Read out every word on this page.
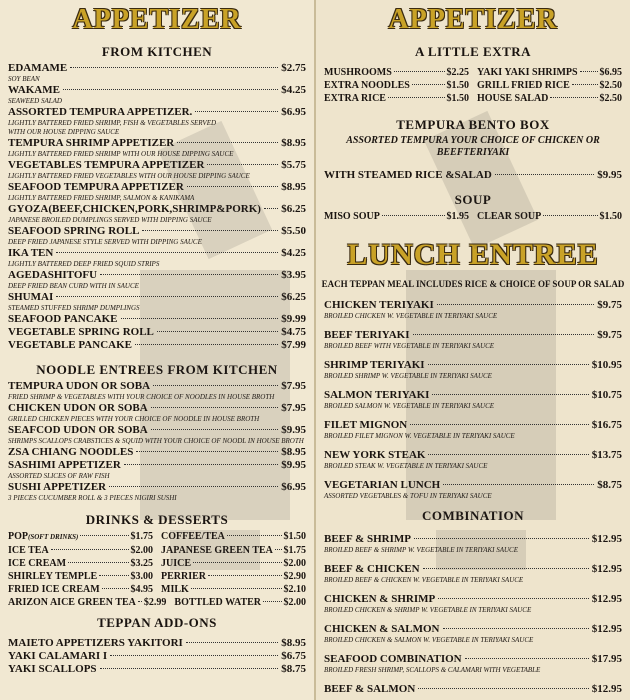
APPETIZER
FROM KITCHEN
EDAMAME	$2.75
SOY BEAN
WAKAME	$4.25
SEAWEED SALAD
ASSORTED TEMPURA APPETIZER.	$6.95
LIGHTLY BATTERED FRIED SHRIMP, FISH & VEGETABLES SERVED
WITH OUR HOUSE DIPPING SAUCE
TEMPURA SHRIMP APPETIZER	$8.95
LIGHTLY BATTERED FRIED SHRIMP WITH OUR HOUSE DIPPING SAUCE
VEGETABLES TEMPURA APPETIZER	$5.75
LIGHTLY BATTERED FRIED VEGETABLES WITH OUR HOUSE DIPPING SAUCE
SEAFOOD TEMPURA APPETIZER	$8.95
LIGHTLY BATTERED FRIED SHRIMP, SALMON & KANIKAMA
GYOZA(BEEF,CHICKEN,PORK,SHRIMP&PORK) $6.25
JAPANESE BROILED DUMPLINGS SERVED WITH DIPPING SAUCE
SEAFOOD SPRING ROLL	$5.50
DEEP FRIED JAPANESE STYLE SERVED WITH DIPPING SAUCE
IKA TEN	$4.25
LIGHTLY BATTERED DEEP FRIED SQUID STRIPS
AGEDASHITOFU	$3.95
DEEP FRIED BEAN CURD WITH IN SAUCE
SHUMAI	$6.25
STEAMED STUFFED SHRIMP DUMPLINGS
SEAFOOD PANCAKE	$9.99
VEGETABLE SPRING ROLL	$4.75
VEGETABLE PANCAKE	$7.99
NOODLE ENTREES FROM KITCHEN
TEMPURA UDON OR SOBA	$7.95
FRIED SHRIMP & VEGETABLES WITH YOUR CHOICE OF NOODLES IN HOUSE BROTH
CHICKEN UDON OR SOBA	$7.95
GRILLED CHICKEN PIECES WITH YOUR CHOICE OF NOODLE IN HOUSE BROTH
SEAFCOD UDON OR SOBA	$9.95
SHRIMPS SCALLOPS CRABSTICES & SQUID WITH YOUR CHOICE OF NOODL IN HOUSE BROTH
ZSA CHIANG NOODLES	$8.95
SASHIMI APPETIZER	$9.95
ASSORTED SLICES OF RAW FISH
SUSHI APPETIZER	$6.95
3 PIECES CUCUMBER ROLL & 3 PIECES NIGIRI SUSHI
DRINKS & DESSERTS
POP (SOFT DRINKS)	$1.75 COFFEE/TEA	$1.50
ICE TEA	$2.00 JAPANESE GREEN TEA $1.75
ICE CREAM	$3.25 JUICE	$2.00
SHIRLEY TEMPLE	$3.00 PERRIER	$2.90
FRIED ICE CREAM	$4.95 MILK	$2.10
ARIZON AICE GREEN TEA $2.99 BOTTLED WATER $2.00
TEPPAN ADD-ONS
MAIETO APPETIZERS YAKITORI	$8.95
YAKI CALAMARI I	$6.75
YAKI SCALLOPS	$8.75
APPETIZER
A LITTLE EXTRA
MUSHROOMS	$2.25 YAKI YAKI SHRIMPS $6.95
EXTRA NOODLES	$1.50 GRILL FRIED RICE	$2.50
EXTRA RICE	$1.50 HOUSE SALAD	$2.50
TEMPURA BENTO BOX
ASSORTED TEMPURA YOUR CHOICE OF CHICKEN OR BEEFTERIYAKI
WITH STEAMED RICE &SALAD	$9.95
SOUP
MISO SOUP	$1.95 CLEAR SOUP	$1.50
LUNCH ENTREE
EACH TEPPAN MEAL INCLUDES RICE & CHOICE OF SOUP OR SALAD
CHICKEN TERIYAKI	$9.75
BROILED CHICKEN W. VEGETABLE IN TERIYAKI SAUCE
BEEF TERIYAKI	$9.75
BROILED BEEF WITH VEGETABLE IN TERIYAKI SAUCE
SHRIMP TERIYAKI	$10.95
BROILED SHRIMP W. VEGETABLE IN TERIYAKI SAUCE
SALMON TERIYAKI	$10.75
BROILED SALMON W. VEGETABLE IN TERIYAKI SAUCE
FILET MIGNON	$16.75
BROILED FILET MIGNON W. VEGETABLE IN TERIYAKI SAUCE
NEW YORK STEAK	$13.75
BROILED STEAK W. VEGETABLE IN TERIYAKI SAUCE
VEGETARIAN LUNCH	$8.75
ASSORTED VEGETABLES & TOFU IN TERIYAKI SAUCE
COMBINATION
BEEF & SHRIMP	$12.95
BROILED BEEF & SHRIMP W. VEGETABLE IN TERIYAKI SAUCE
BEEF & CHICKEN	$12.95
BROILED BEEF & CHICKEN W. VEGETABLE IN TERIYAKI SAUCE
CHICKEN & SHRIMP	$12.95
BROILED CHICKEN & SHRIMP W. VEGETABLE IN TERIYAKI SAUCE
CHICKEN & SALMON	$12.95
BROILED CHICKEN & SALMON W. VEGETABLE IN TERIYAKI SAUCE
SEAFOOD COMBINATION	$17.95
BROILED FRESH SHRIMP, SCALLOPS & CALAMARI WITH VEGETABLE
BEEF & SALMON	$12.95
